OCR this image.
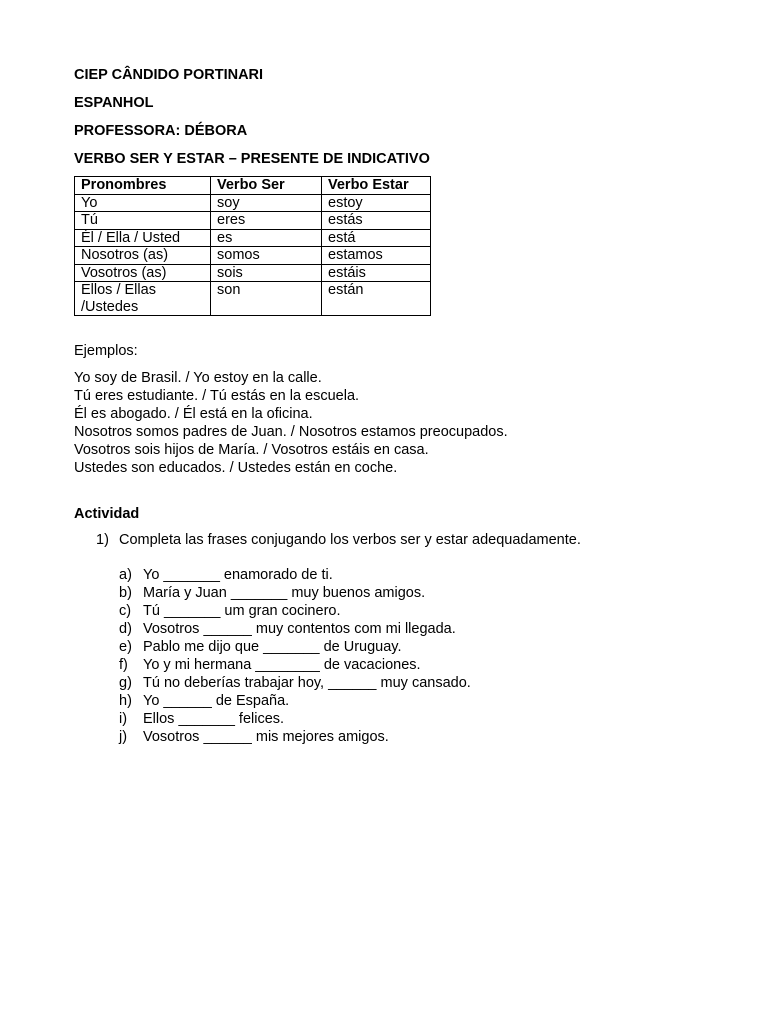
CIEP CÂNDIDO PORTINARI
ESPANHOL
PROFESSORA: DÉBORA
VERBO SER Y ESTAR – PRESENTE DE INDICATIVO
Pronombres	Verbo Ser	Verbo Estar
Yo	soy	estoy
Tú	eres	estás
Él / Ella / Usted	es	está
Nosotros (as)	somos	estamos
Vosotros (as)	sois	estáis
Ellos / Ellas /Ustedes	son	están
Ejemplos:
Yo soy de Brasil. / Yo estoy en la calle.
Tú eres estudiante. / Tú estás en la escuela.
Él es abogado. / Él está en la oficina.
Nosotros somos padres de Juan. / Nosotros estamos preocupados.
Vosotros sois hijos de María. / Vosotros estáis en casa.
Ustedes son educados. / Ustedes están en coche.
Actividad
1) Completa las frases conjugando los verbos ser y estar adequadamente.
a) Yo _______ enamorado de ti.
b) María y Juan _______ muy buenos amigos.
c) Tú _______ um gran cocinero.
d) Vosotros ______ muy contentos com mi llegada.
e) Pablo me dijo que _______ de Uruguay.
f) Yo y mi hermana ________ de vacaciones.
g) Tú no deberías trabajar hoy, ______ muy cansado.
h) Yo ______ de España.
i) Ellos _______ felices.
j) Vosotros ______ mis mejores amigos.
